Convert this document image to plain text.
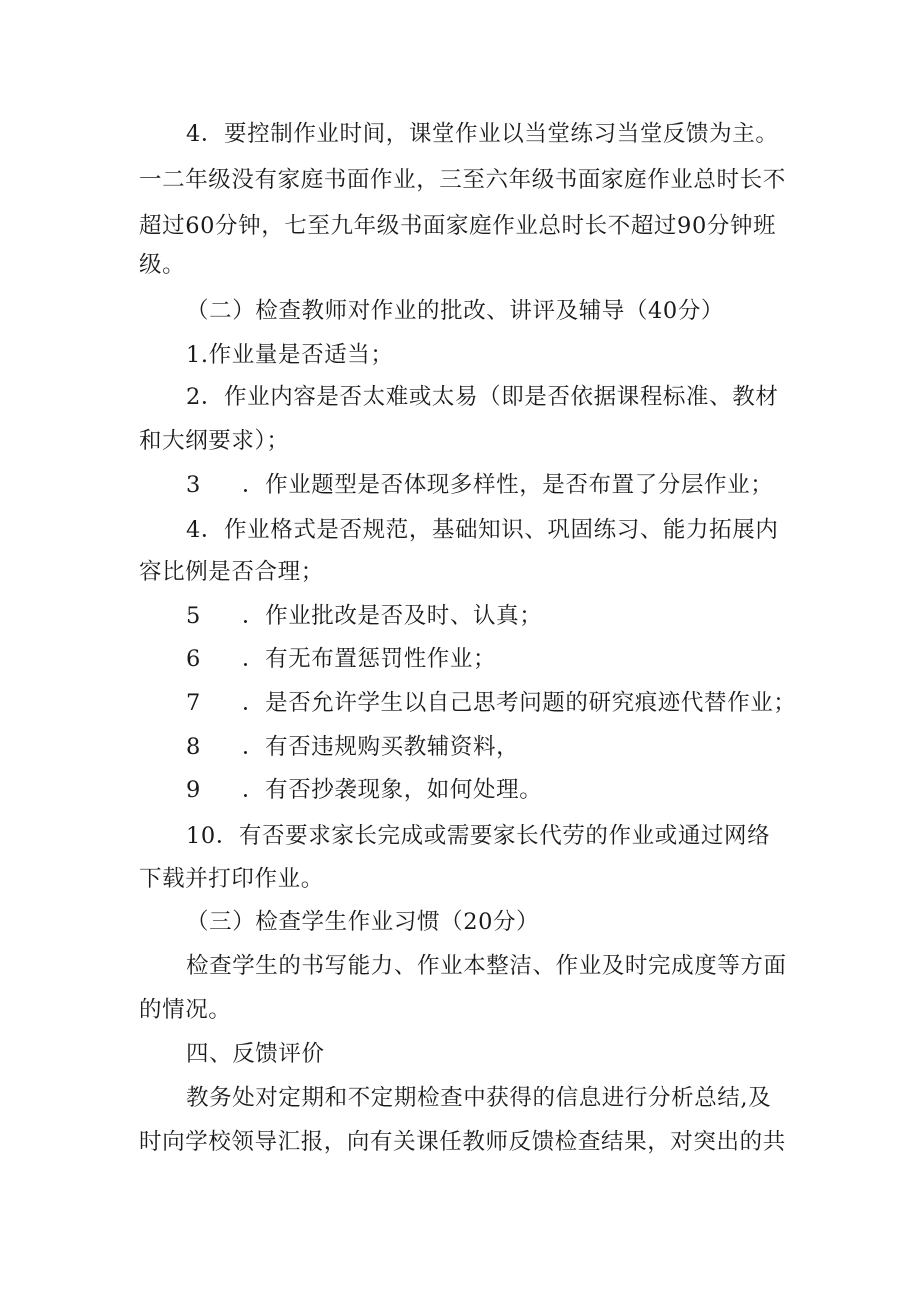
4．要控制作业时间，课堂作业以当堂练习当堂反馈为主。
一二年级没有家庭书面作业，三至六年级书面家庭作业总时长不
超过60分钟，七至九年级书面家庭作业总时长不超过90分钟班
级。
（二）检查教师对作业的批改、讲评及辅导（40分）
1.作业量是否适当；
2．作业内容是否太难或太易（即是否依据课程标准、教材
和大纲要求）；
3 ．作业题型是否体现多样性，是否布置了分层作业；
4．作业格式是否规范，基础知识、巩固练习、能力拓展内
容比例是否合理；
5 ．作业批改是否及时、认真；
6 ．有无布置惩罚性作业；
7 ．是否允许学生以自己思考问题的研究痕迹代替作业；
8 ．有否违规购买教辅资料，
9 ．有否抄袭现象，如何处理。
10．有否要求家长完成或需要家长代劳的作业或通过网络
下载并打印作业。
（三）检查学生作业习惯（20分）
检查学生的书写能力、作业本整洁、作业及时完成度等方面
的情况。
四、反馈评价
教务处对定期和不定期检查中获得的信息进行分析总结,及
时向学校领导汇报，向有关课任教师反馈检查结果，对突出的共
